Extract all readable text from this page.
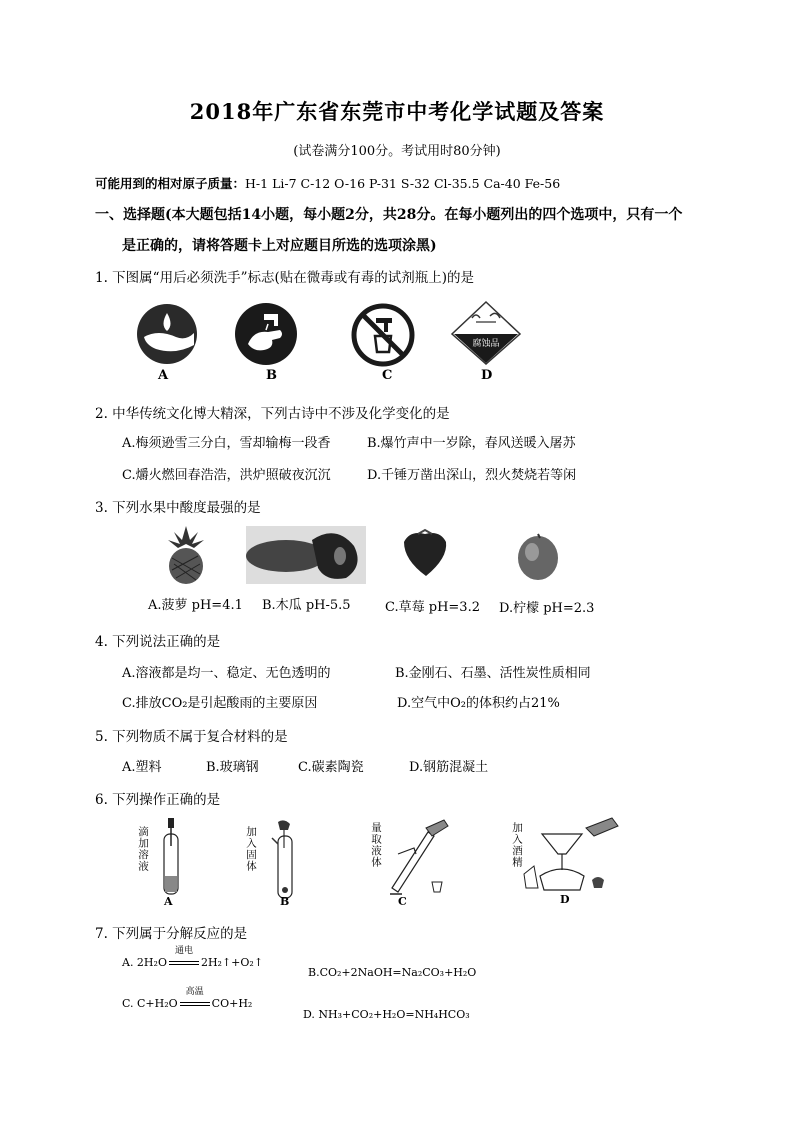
2018年广东省东莞市中考化学试题及答案
(试卷满分100分。考试用时80分钟)
可能用到的相对原子质量：H-1 Li-7 C-12 O-16 P-31 S-32 Cl-35.5 Ca-40 Fe-56
一、选择题(本大题包括14小题，每小题2分，共28分。在每小题列出的四个选项中，只有一个
是正确的，请将答题卡上对应题目所选的选项涂黑)
1. 下图属“用后必须洗手”标志(贴在微毒或有毒的试剂瓶上)的是
A	B	C
腐蚀品
D
2. 中华传统文化博大精深，下列古诗中不涉及化学变化的是
A.梅须逊雪三分白，雪却输梅一段香	B.爆竹声中一岁除，春风送暖入屠苏
C.爝火燃回春浩浩，洪炉照破夜沉沉	D.千锤万凿出深山，烈火焚烧若等闲
3. 下列水果中酸度最强的是
A.菠萝 pH=4.1 B.木瓜 pH-5.5	C.草莓 pH=3.2 D.柠檬 pH=2.3
4. 下列说法正确的是
A.溶液都是均一、稳定、无色透明的	B.金刚石、石墨、活性炭性质相同
C.排放CO₂是引起酸雨的主要原因	D.空气中O₂的体积约占21%
5. 下列物质不属于复合材料的是
A.塑料	B.玻璃钢	C.碳素陶瓷	D.钢筋混凝土
6. 下列操作正确的是
滴加溶液
A
加入固体
B
量取液体
C
加入酒精
D
7. 下列属于分解反应的是
A. 2H₂O
通电
2H₂↑+O₂↑
B.CO₂+2NaOH=Na₂CO₃+H₂O
C. C+H₂O
高温
CO+H₂
D. NH₃+CO₂+H₂O=NH₄HCO₃
